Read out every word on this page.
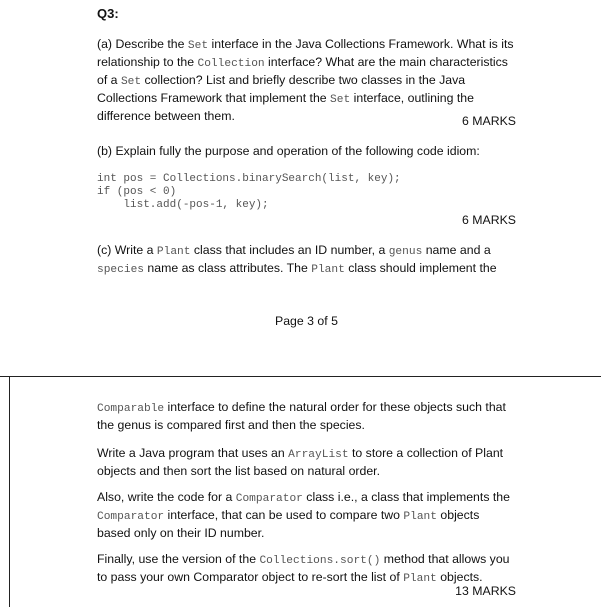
Q3:
(a) Describe the Set interface in the Java Collections Framework. What is its
relationship to the Collection interface? What are the main characteristics
of a Set collection? List and briefly describe two classes in the Java
Collections Framework that implement the Set interface, outlining the
difference between them.	6 MARKS
(b) Explain fully the purpose and operation of the following code idiom:
int pos = Collections.binarySearch(list, key);
if (pos < 0)
list.add(-pos-1, key);
6 MARKS
(c) Write a Plant class that includes an ID number, a genus name and a
species name as class attributes. The Plant class should implement the
Page 3 of 5
Comparable interface to define the natural order for these objects such that
the genus is compared first and then the species.
Write a Java program that uses an ArrayList to store a collection of Plant
objects and then sort the list based on natural order.
Also, write the code for a Comparator class i.e., a class that implements the
Comparator interface, that can be used to compare two Plant objects
based only on their ID number.
Finally, use the version of the Collections.sort() method that allows you
to pass your own Comparator object to re-sort the list of Plant objects.
13 MARKS
